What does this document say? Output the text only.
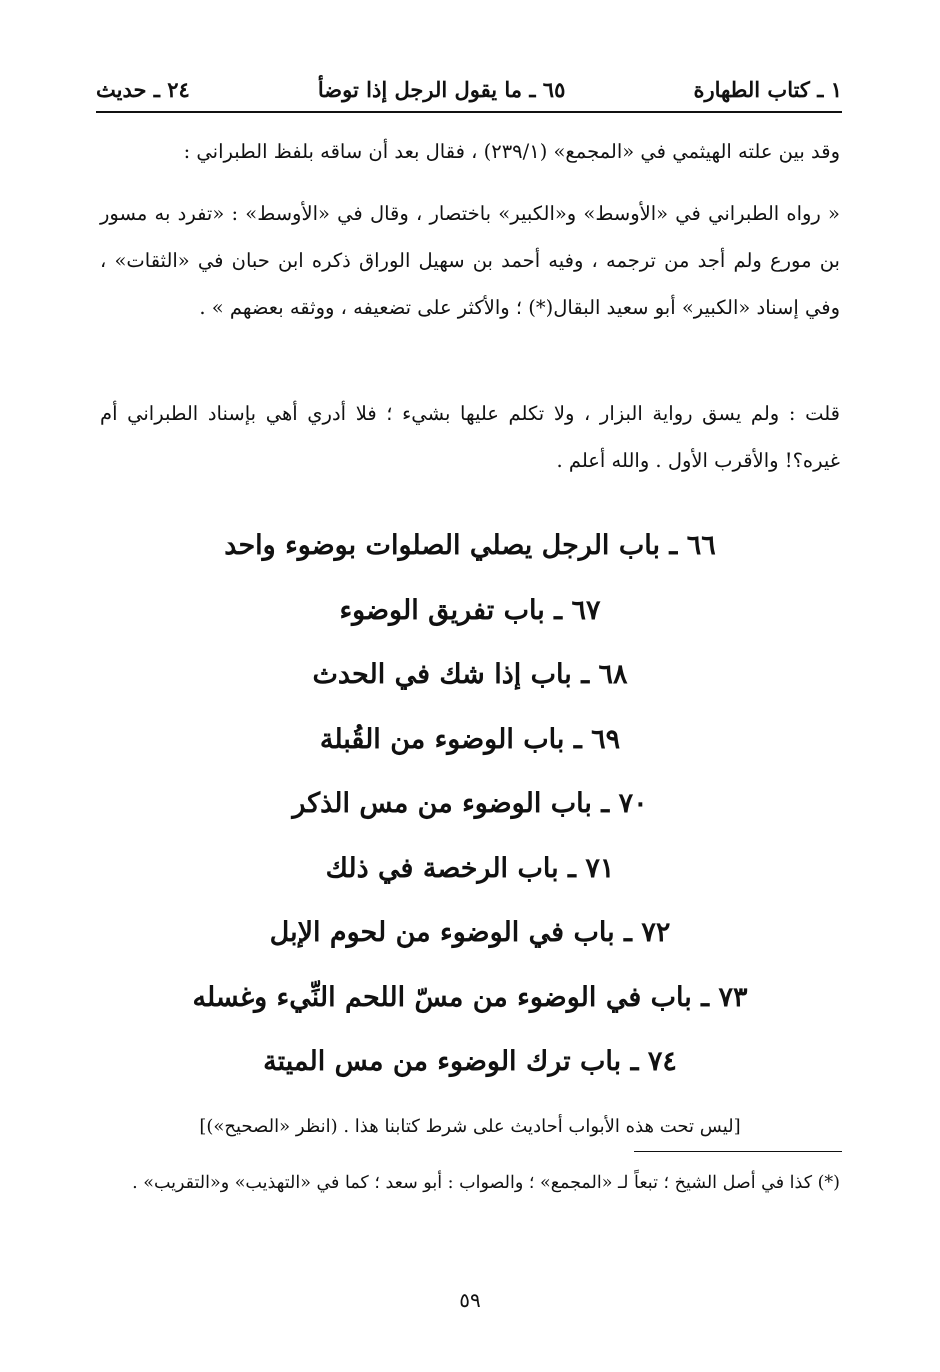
١ ـ كتاب الطهارة
٦٥ ـ ما يقول الرجل إذا توضأ
٢٤ ـ حديث

وقد بين علته الهيثمي في «المجمع» (٢٣٩/١) ، فقال بعد أن ساقه بلفظ الطبراني :

« رواه الطبراني في «الأوسط» و«الكبير» باختصار ، وقال في «الأوسط» : «تفرد به مسور بن مورع ولم أجد من ترجمه ، وفيه أحمد بن سهيل الوراق ذكره ابن حبان في «الثقات» ، وفي إسناد «الكبير» أبو سعيد البقال(*) ؛ والأكثر على تضعيفه ، ووثقه بعضهم » .

قلت : ولم يسق رواية البزار ، ولا تكلم عليها بشيء ؛ فلا أدري أهي بإسناد الطبراني أم غيره؟! والأقرب الأول . والله أعلم .

٦٦ ـ باب الرجل يصلي الصلوات بوضوء واحد
٦٧ ـ باب تفريق الوضوء
٦٨ ـ باب إذا شك في الحدث
٦٩ ـ باب الوضوء من القُبلة
٧٠ ـ باب الوضوء من مس الذكر
٧١ ـ باب الرخصة في ذلك
٧٢ ـ باب في الوضوء من لحوم الإبل
٧٣ ـ باب في الوضوء من مسّ اللحم النِّيء وغسله
٧٤ ـ باب ترك الوضوء من مس الميتة

[ليس تحت هذه الأبواب أحاديث على شرط كتابنا هذا . (انظر «الصحيح»)]

(*) كذا في أصل الشيخ ؛ تبعاً لـ «المجمع» ؛ والصواب : أبو سعد ؛ كما في «التهذيب» و«التقريب» .

٥٩
